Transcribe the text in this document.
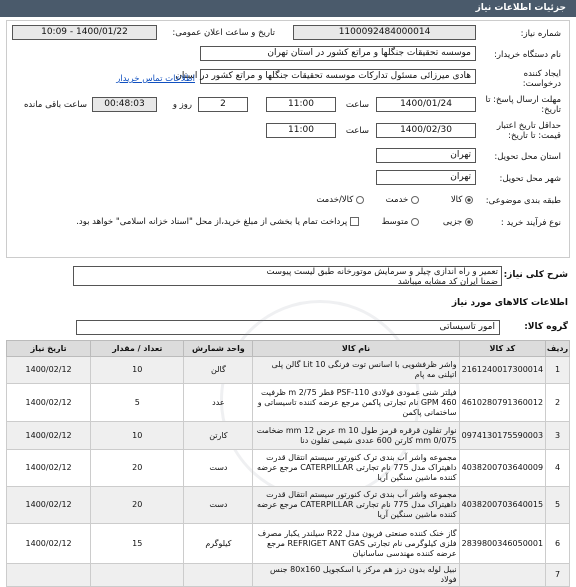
جزئیات اطلاعات نیاز
شماره نیاز:
1100092484000014
تاریخ و ساعت اعلان عمومی:
1400/01/22 - 10:09
نام دستگاه خریدار:
موسسه تحقیقات جنگلها و مراتع کشور در استان تهران
ایجاد کننده درخواست:
هادی میرزائی مسئول تدارکات موسسه تحقیقات جنگلها و مراتع کشور در استان
اطلاعات تماس خریدار
مهلت ارسال پاسخ: تا تاریخ:
1400/01/24
ساعت
11:00
2
روز و
00:48:03
ساعت باقی مانده
حداقل تاریخ اعتبار قیمت: تا تاریخ:
1400/02/30
ساعت
11:00
استان محل تحویل:
تهران
شهر محل تحویل:
تهران
طبقه بندی موضوعی:
کالا
خدمت
کالا/خدمت
نوع فرآیند خرید :
جزیی
متوسط
پرداخت تمام یا بخشی از مبلغ خرید،از محل "اسناد خزانه اسلامی" خواهد بود.
شرح کلی نیاز:
تعمیر و راه اندازی چیلر و سرمایش موتورخانه طبق لیست پیوست
ضمنا ایران کد مشابه میباشد
اطلاعات کالاهای مورد نیاز
گروه کالا:
امور تاسیساتی
ردیف	کد کالا	نام کالا	واحد شمارش	تعداد / مقدار	تاریخ نیاز
1	2161240017300014	واشر ظرفشویی با اسانس توت فرنگی Lit 10 گالن پلی اتیلنی مه پام	گالن	10	1400/02/12
2	4610280791360012	فیلتر شنی عمودی فولادی PSF-110 قطر m 2/75 ظرفیت 460 GPM نام تجارتی پاکمن مرجع عرضه کننده تاسیساتی و ساختمانی پاکمن	عدد	5	1400/02/12
3	0974130175590003	نوار تفلون قرقره قرمز طول m 10 عرض mm 12 ضخامت 0/075 mm کارتن 600 عددی شیمی تفلون دنا	کارتن	10	1400/02/12
4	4038200703640009	مجموعه واشر آب بندی ترک کنورتور سیستم انتقال قدرت داهیتراک مدل 775 نام تجارتی CATERPILLAR مرجع عرضه کننده ماشین سنگین آریا	دست	20	1400/02/12
5	4038200703640015	مجموعه واشر آب بندی ترک کنورتور سیستم انتقال قدرت داهیتراک مدل 775 نام تجارتی CATERPILLAR مرجع عرضه کننده ماشین سنگین آریا	دست	20	1400/02/12
6	2839800346050001	گاز خنک کننده صنعتی فریون مدل R22 سیلندر یکبار مصرف فلزی کیلوگرمی نام تجارتی REFRIGET ANT GAS مرجع عرضه کننده مهندسی ساسانیان	کیلوگرم	15	1400/02/12
7		نبیل لوله بدون درز هم مرکز با اسکجویل 80x160 جنس فولاد			
